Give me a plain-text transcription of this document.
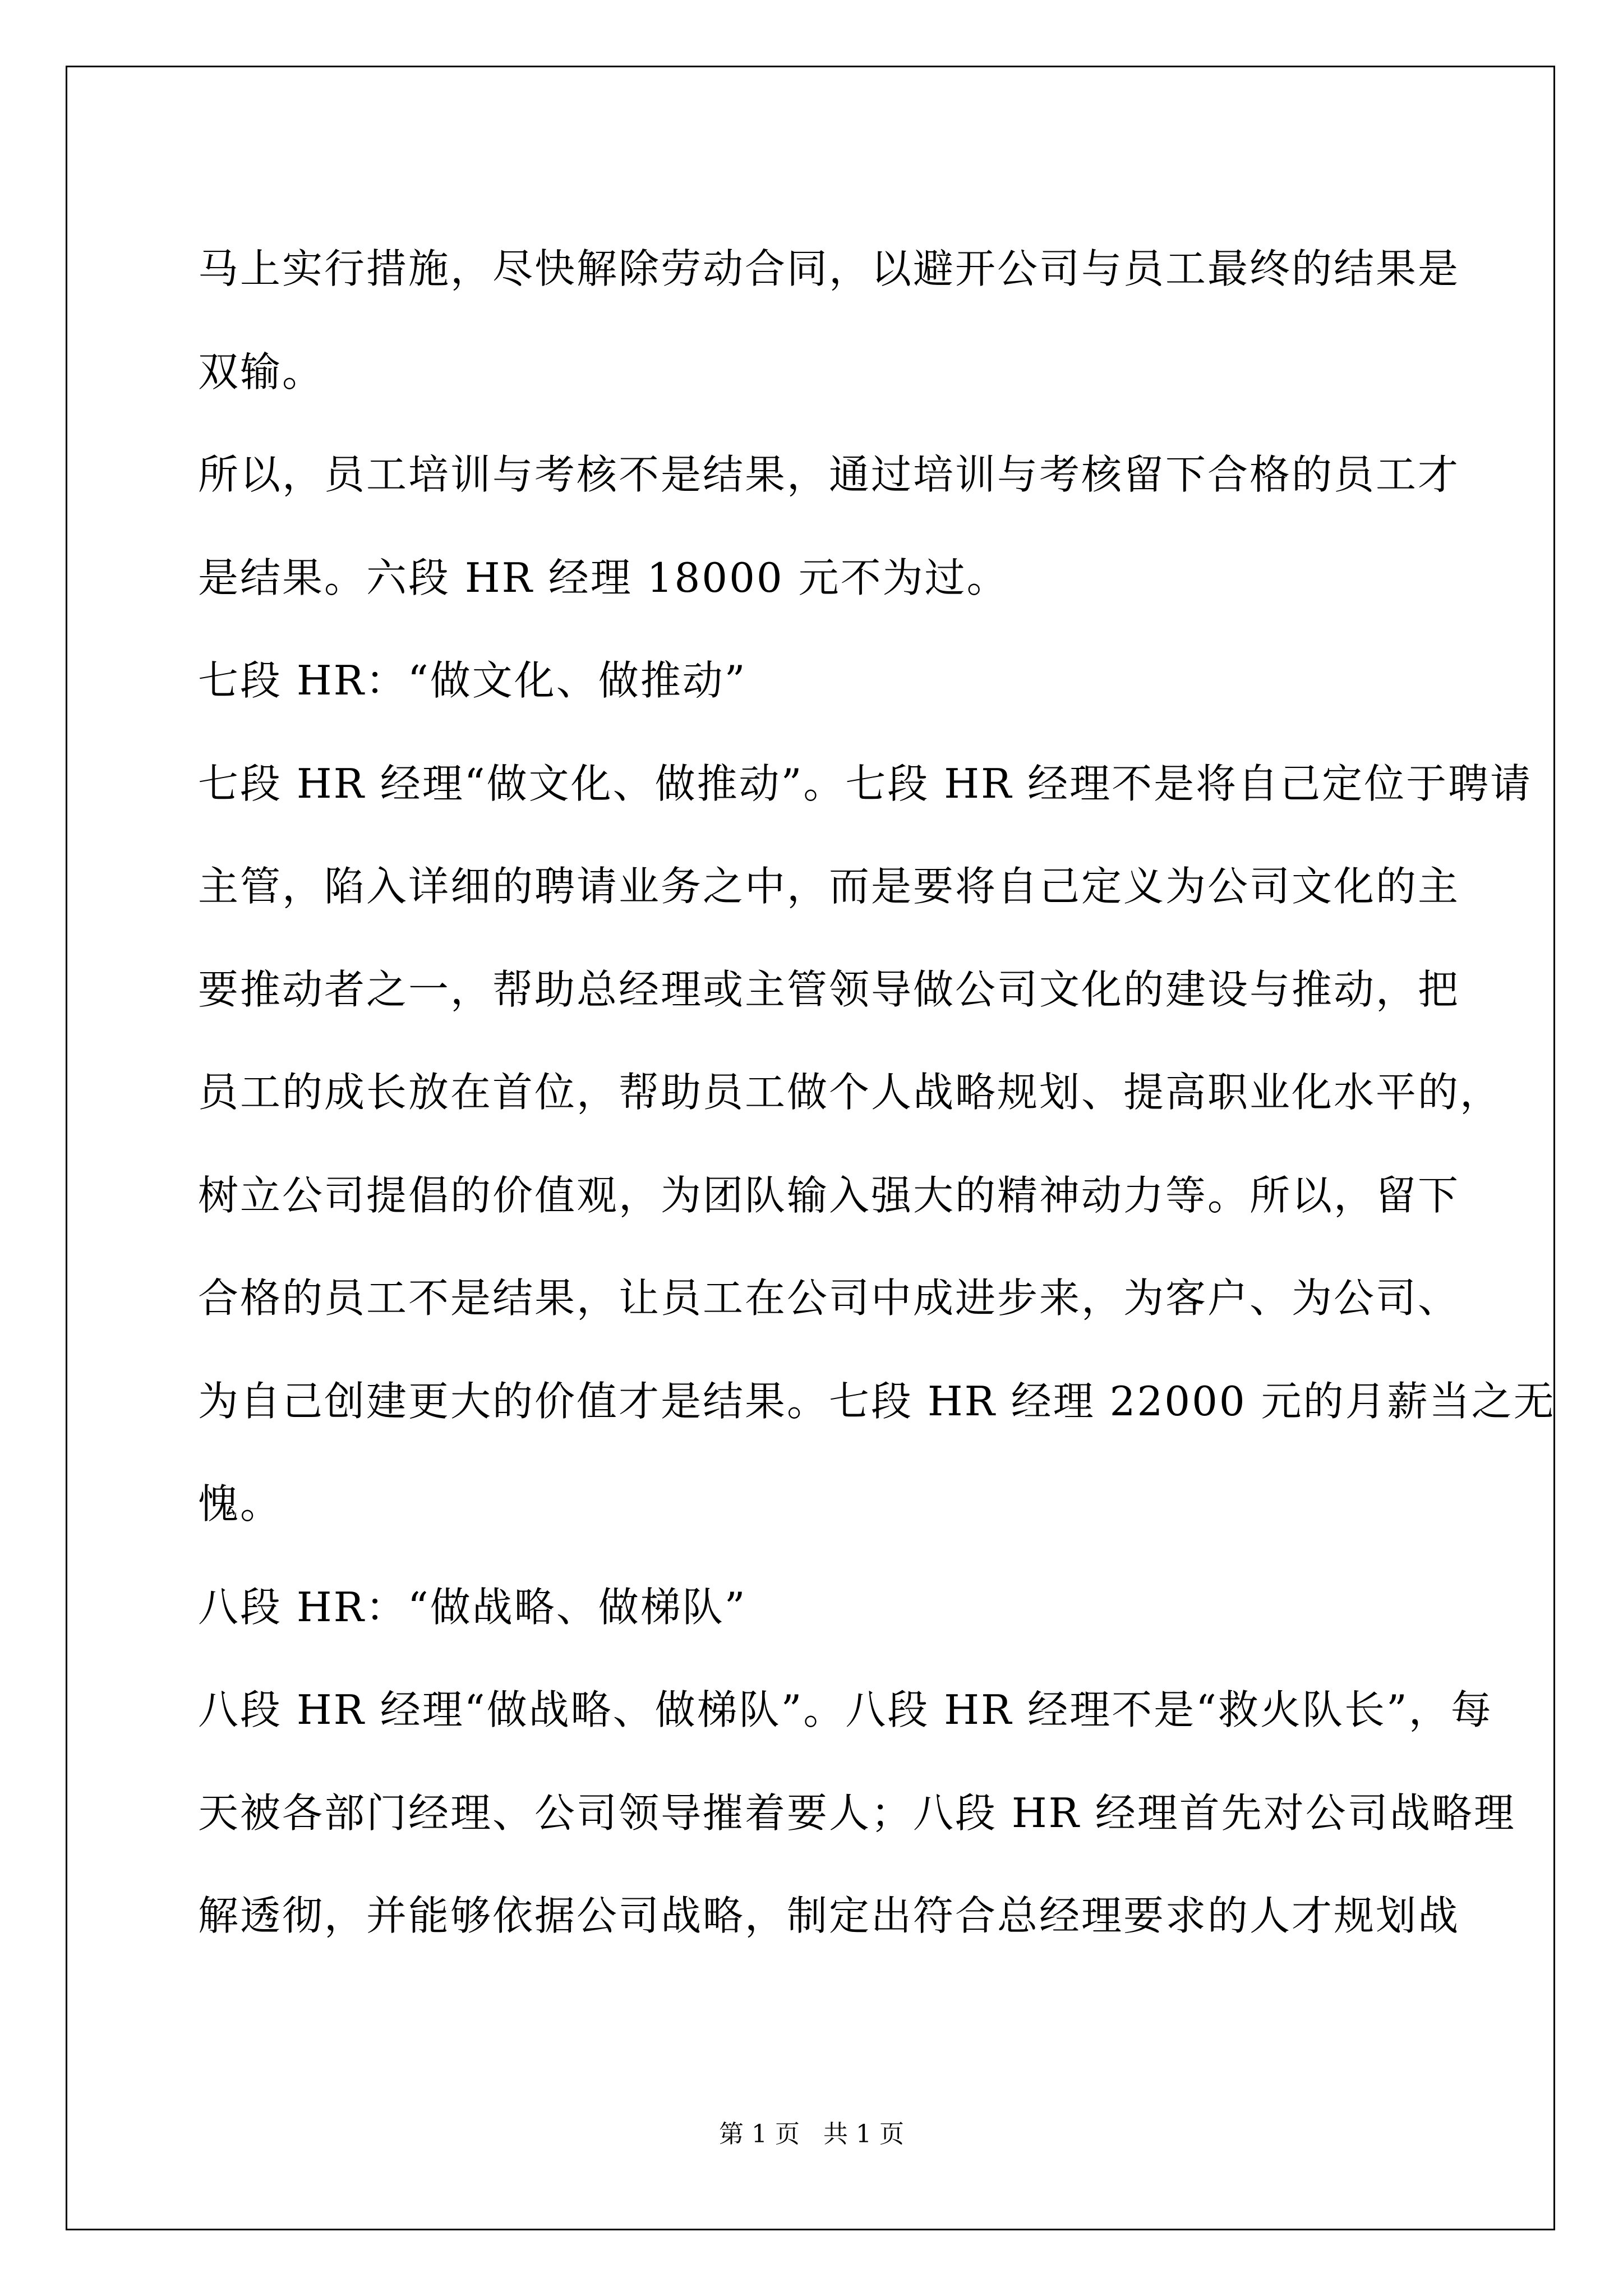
马上实行措施，尽快解除劳动合同，以避开公司与员工最终的结果是
双输。

所以，员工培训与考核不是结果，通过培训与考核留下合格的员工才
是结果。六段 HR 经理 18000 元不为过。

七段 HR：“做文化、做推动”

七段 HR 经理“做文化、做推动”。七段 HR 经理不是将自己定位于聘请
主管，陷入详细的聘请业务之中，而是要将自己定义为公司文化的主
要推动者之一，帮助总经理或主管领导做公司文化的建设与推动，把
员工的成长放在首位，帮助员工做个人战略规划、提高职业化水平的，
树立公司提倡的价值观，为团队输入强大的精神动力等。所以，留下
合格的员工不是结果，让员工在公司中成进步来，为客户、为公司、
为自己创建更大的价值才是结果。七段 HR 经理 22000 元的月薪当之无
愧。

八段 HR：“做战略、做梯队”

八段 HR 经理“做战略、做梯队”。八段 HR 经理不是“救火队长”，每
天被各部门经理、公司领导摧着要人；八段 HR 经理首先对公司战略理
解透彻，并能够依据公司战略，制定出符合总经理要求的人才规划战

第 1 页 共 1 页
